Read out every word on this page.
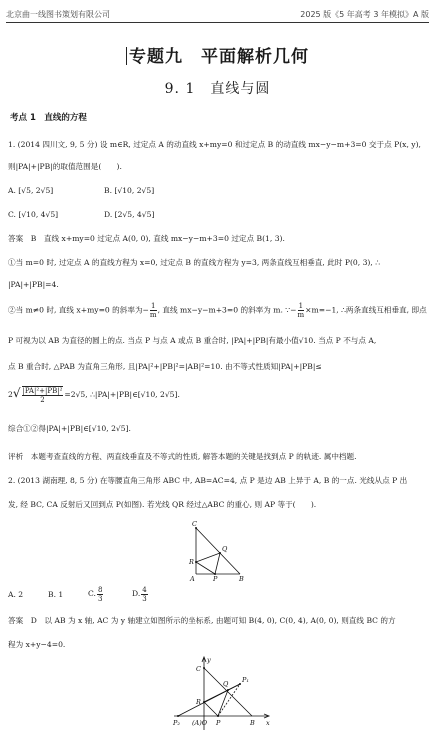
北京曲一线图书策划有限公司	2025 版《5 年高考 3 年模拟》A 版
专题九　平面解析几何
9. 1　直线与圆
考点 1　直线的方程
1. (2014 四川文, 9, 5 分) 设 m∈R, 过定点 A 的动直线 x+my=0 和过定点 B 的动直线 mx−y−m+3=0 交于点 P(x, y),
则|PA|+|PB|的取值范围是(　　).
A. [√5, 2√5]	B. [√10, 2√5]
C. [√10, 4√5]	D. [2√5, 4√5]
答案　B　直线 x+my=0 过定点 A(0, 0), 直线 mx−y−m+3=0 过定点 B(1, 3).
①当 m=0 时, 过定点 A 的直线方程为 x=0, 过定点 B 的直线方程为 y=3, 两条直线互相垂直, 此时 P(0, 3), ∴
|PA|+|PB|=4.
②当 m≠0 时, 直线 x+my=0 的斜率为− $\frac{1}{m}$ , 直线 mx−y−m+3=0 的斜率为 m. ∵− $\frac{1}{m} \times m=-1$, ∴两条直线互相垂直, 即点
P 可视为以 AB 为直径的圆上的点. 当点 P 与点 A 或点 B 重合时, |PA|+|PB|有最小值√10. 当点 P 不与点 A,
点 B 重合时, △PAB 为直角三角形, 且|PA|²+|PB|²=|AB|²=10. 由不等式性质知|PA|+|PB|≤
$2√ \frac{\text{|PA|²+|PB|²}}{2} =2√5$, ∴|PA|+|PB|∈[√10, 2√5].
综合①②得|PA|+|PB|∈[√10, 2√5].
评析　本题考查直线的方程、两直线垂直及不等式的性质, 解答本题的关键是找到点 P 的轨迹. 属中档题.
2. (2013 湖南理, 8, 5 分) 在等腰直角三角形 ABC 中, AB=AC=4, 点 P 是边 AB 上异于 A, B 的一点. 光线从点 P 出
发, 经 BC, CA 反射后又回到点 P(如图). 若光线 QR 经过△ABC 的重心, 则 AP 等于(　　).
C
Q
R
A	P	B
A. 2	B. 1	C. $\frac{8}{3}$	D. $\frac{4}{3}$
答案　D　以 AB 为 x 轴, AC 为 y 轴建立如图所示的坐标系, 由题可知 B(4, 0), C(0, 4), A(0, 0), 则直线 BC 的方
程为 x+y−4=0.
y
C
R
Q P₁
P₂ (A)O P	B x
